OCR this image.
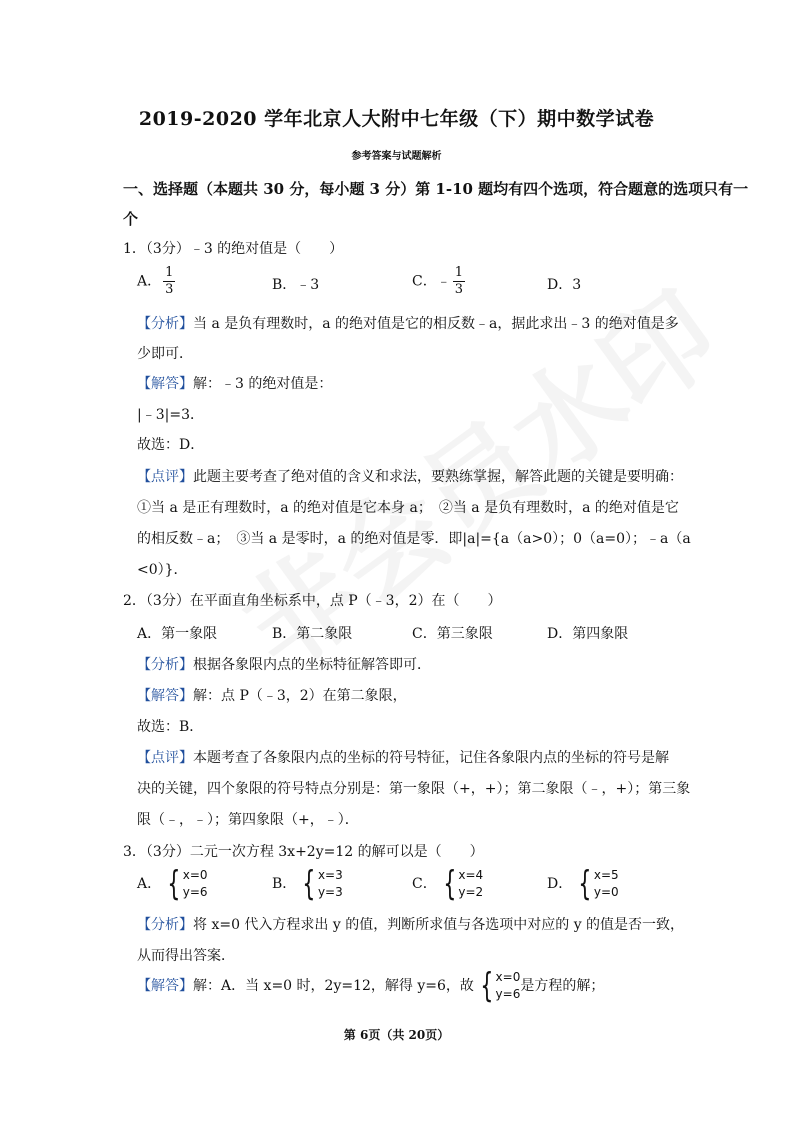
2019-2020 学年北京人大附中七年级（下）期中数学试卷
参考答案与试题解析
一、选择题（本题共 30 分，每小题 3 分）第 1-10 题均有四个选项，符合题意的选项只有一
个
1．（3分）﹣3 的绝对值是（　　）
A． $\frac{1}{3}$	B．﹣3	C．﹣ $\frac{1}{3}$	D．3
【分析】当 a 是负有理数时，a 的绝对值是它的相反数﹣a，据此求出﹣3 的绝对值是多
少即可．
【解答】解：﹣3 的绝对值是：
|﹣3|=3．
故选：D．
【点评】此题主要考查了绝对值的含义和求法，要熟练掌握，解答此题的关键是要明确：
①当 a 是正有理数时，a 的绝对值是它本身 a；　②当 a 是负有理数时，a 的绝对值是它
的相反数﹣a；　③当 a 是零时，a 的绝对值是零．即|a|={a（a>0）；0（a=0）；﹣a（a
<0）}．
2．（3分）在平面直角坐标系中，点 P（﹣3，2）在（　　）
A．第一象限	B．第二象限	C．第三象限	D．第四象限
【分析】根据各象限内点的坐标特征解答即可．
【解答】解：点 P（﹣3，2）在第二象限，
故选：B．
【点评】本题考查了各象限内点的坐标的符号特征，记住各象限内点的坐标的符号是解
决的关键，四个象限的符号特点分别是：第一象限（+，+）；第二象限（﹣，+）；第三象
限（﹣，﹣）；第四象限（+，﹣）．
3．（3分）二元一次方程 3x+2y=12 的解可以是（　　）
A． { x=0
y=6	B． { x=3
y=3	C． { x=4
y=2	D． { x=5
y=0
【分析】将 x=0 代入方程求出 y 的值，判断所求值与各选项中对应的 y 的值是否一致，
从而得出答案．
【解答】解：A．当 x=0 时，2y=12，解得 y=6，故 { x=0
y=6 是方程的解；
第 6页（共 20页）
